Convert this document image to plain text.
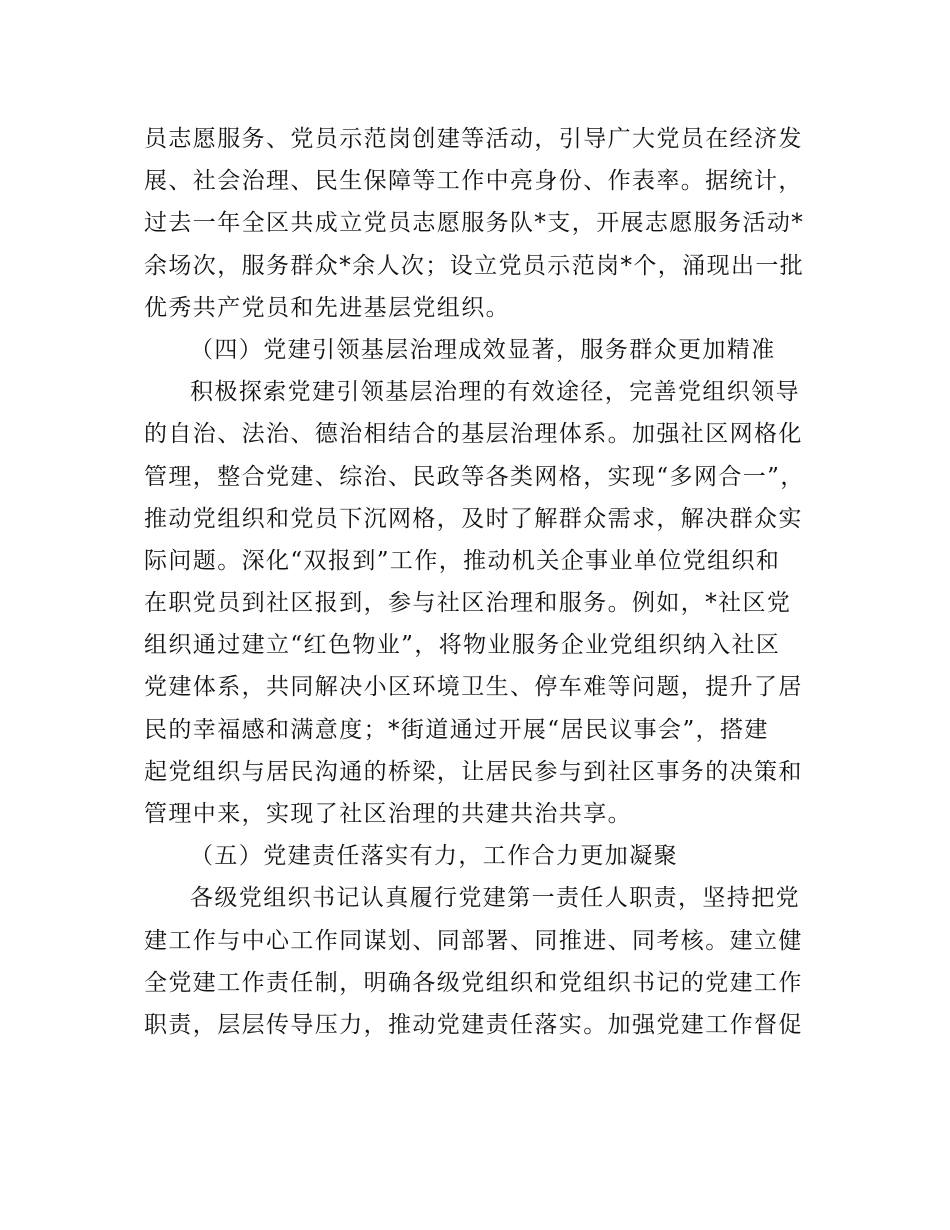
员志愿服务、党员示范岗创建等活动，引导广大党员在经济发

展、社会治理、民生保障等工作中亮身份、作表率。据统计，

过去一年全区共成立党员志愿服务队*支，开展志愿服务活动*

余场次，服务群众*余人次；设立党员示范岗*个，涌现出一批

优秀共产党员和先进基层党组织。

（四）党建引领基层治理成效显著，服务群众更加精准

积极探索党建引领基层治理的有效途径，完善党组织领导

的自治、法治、德治相结合的基层治理体系。加强社区网格化

管理，整合党建、综治、民政等各类网格，实现“多网合一”，

推动党组织和党员下沉网格，及时了解群众需求，解决群众实

际问题。深化“双报到”工作，推动机关企事业单位党组织和

在职党员到社区报到，参与社区治理和服务。例如，*社区党

组织通过建立“红色物业”，将物业服务企业党组织纳入社区

党建体系，共同解决小区环境卫生、停车难等问题，提升了居

民的幸福感和满意度；*街道通过开展“居民议事会”，搭建

起党组织与居民沟通的桥梁，让居民参与到社区事务的决策和

管理中来，实现了社区治理的共建共治共享。

（五）党建责任落实有力，工作合力更加凝聚

各级党组织书记认真履行党建第一责任人职责，坚持把党

建工作与中心工作同谋划、同部署、同推进、同考核。建立健

全党建工作责任制，明确各级党组织和党组织书记的党建工作

职责，层层传导压力，推动党建责任落实。加强党建工作督促
